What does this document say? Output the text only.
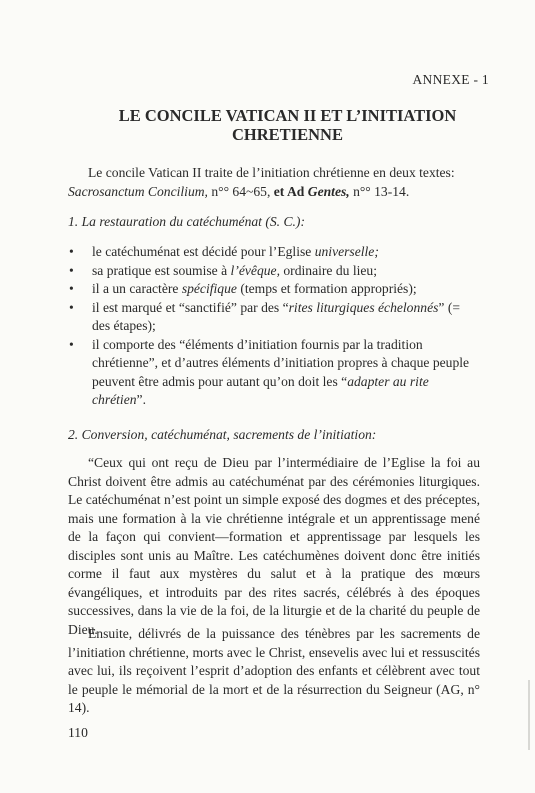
ANNEXE - 1
LE CONCILE VATICAN II ET L’INITIATION
CHRETIENNE

Le concile Vatican II traite de l’initiation chrétienne en deux textes: Sacrosanctum Concilium, n°° 64~65, et Ad Gentes, n°° 13-14.

1. La restauration du catéchuménat (S. C.):
• le catéchuménat est décidé pour l’Eglise universelle;
• sa pratique est soumise à l’évêque, ordinaire du lieu;
• il a un caractère spécifique (temps et formation appropriés);
• il est marqué et “sanctifié” par des “rites liturgiques échelonnés” (= des étapes);
• il comporte des “éléments d’initiation fournis par la tradition chrétienne”, et d’autres éléments d’initiation propres à chaque peuple peuvent être admis pour autant qu’on doit les “adapter au rite chrétien”.
2. Conversion, catéchuménat, sacrements de l’initiation:

“Ceux qui ont reçu de Dieu par l’intermédiaire de l’Eglise la foi au Christ doivent être admis au catéchuménat par des cérémonies liturgiques. Le catéchuménat n’est point un simple exposé des dogmes et des préceptes, mais une formation à la vie chrétienne intégrale et un apprentissage mené de la façon qui convient—formation et apprentissage par lesquels les disciples sont unis au Maître. Les catéchumènes doivent donc être initiés corme il faut aux mystères du salut et à la pratique des mœurs évangéliques, et introduits par des rites sacrés, célébrés à des époques successives, dans la vie de la foi, de la liturgie et de la charité du peuple de Dieu.

Ensuite, délivrés de la puissance des ténèbres par les sacrements de l’initiation chrétienne, morts avec le Christ, ensevelis avec lui et ressuscités avec lui, ils reçoivent l’esprit d’adoption des enfants et célèbrent avec tout le peuple le mémorial de la mort et de la résurrection du Seigneur (AG, n° 14).

110
